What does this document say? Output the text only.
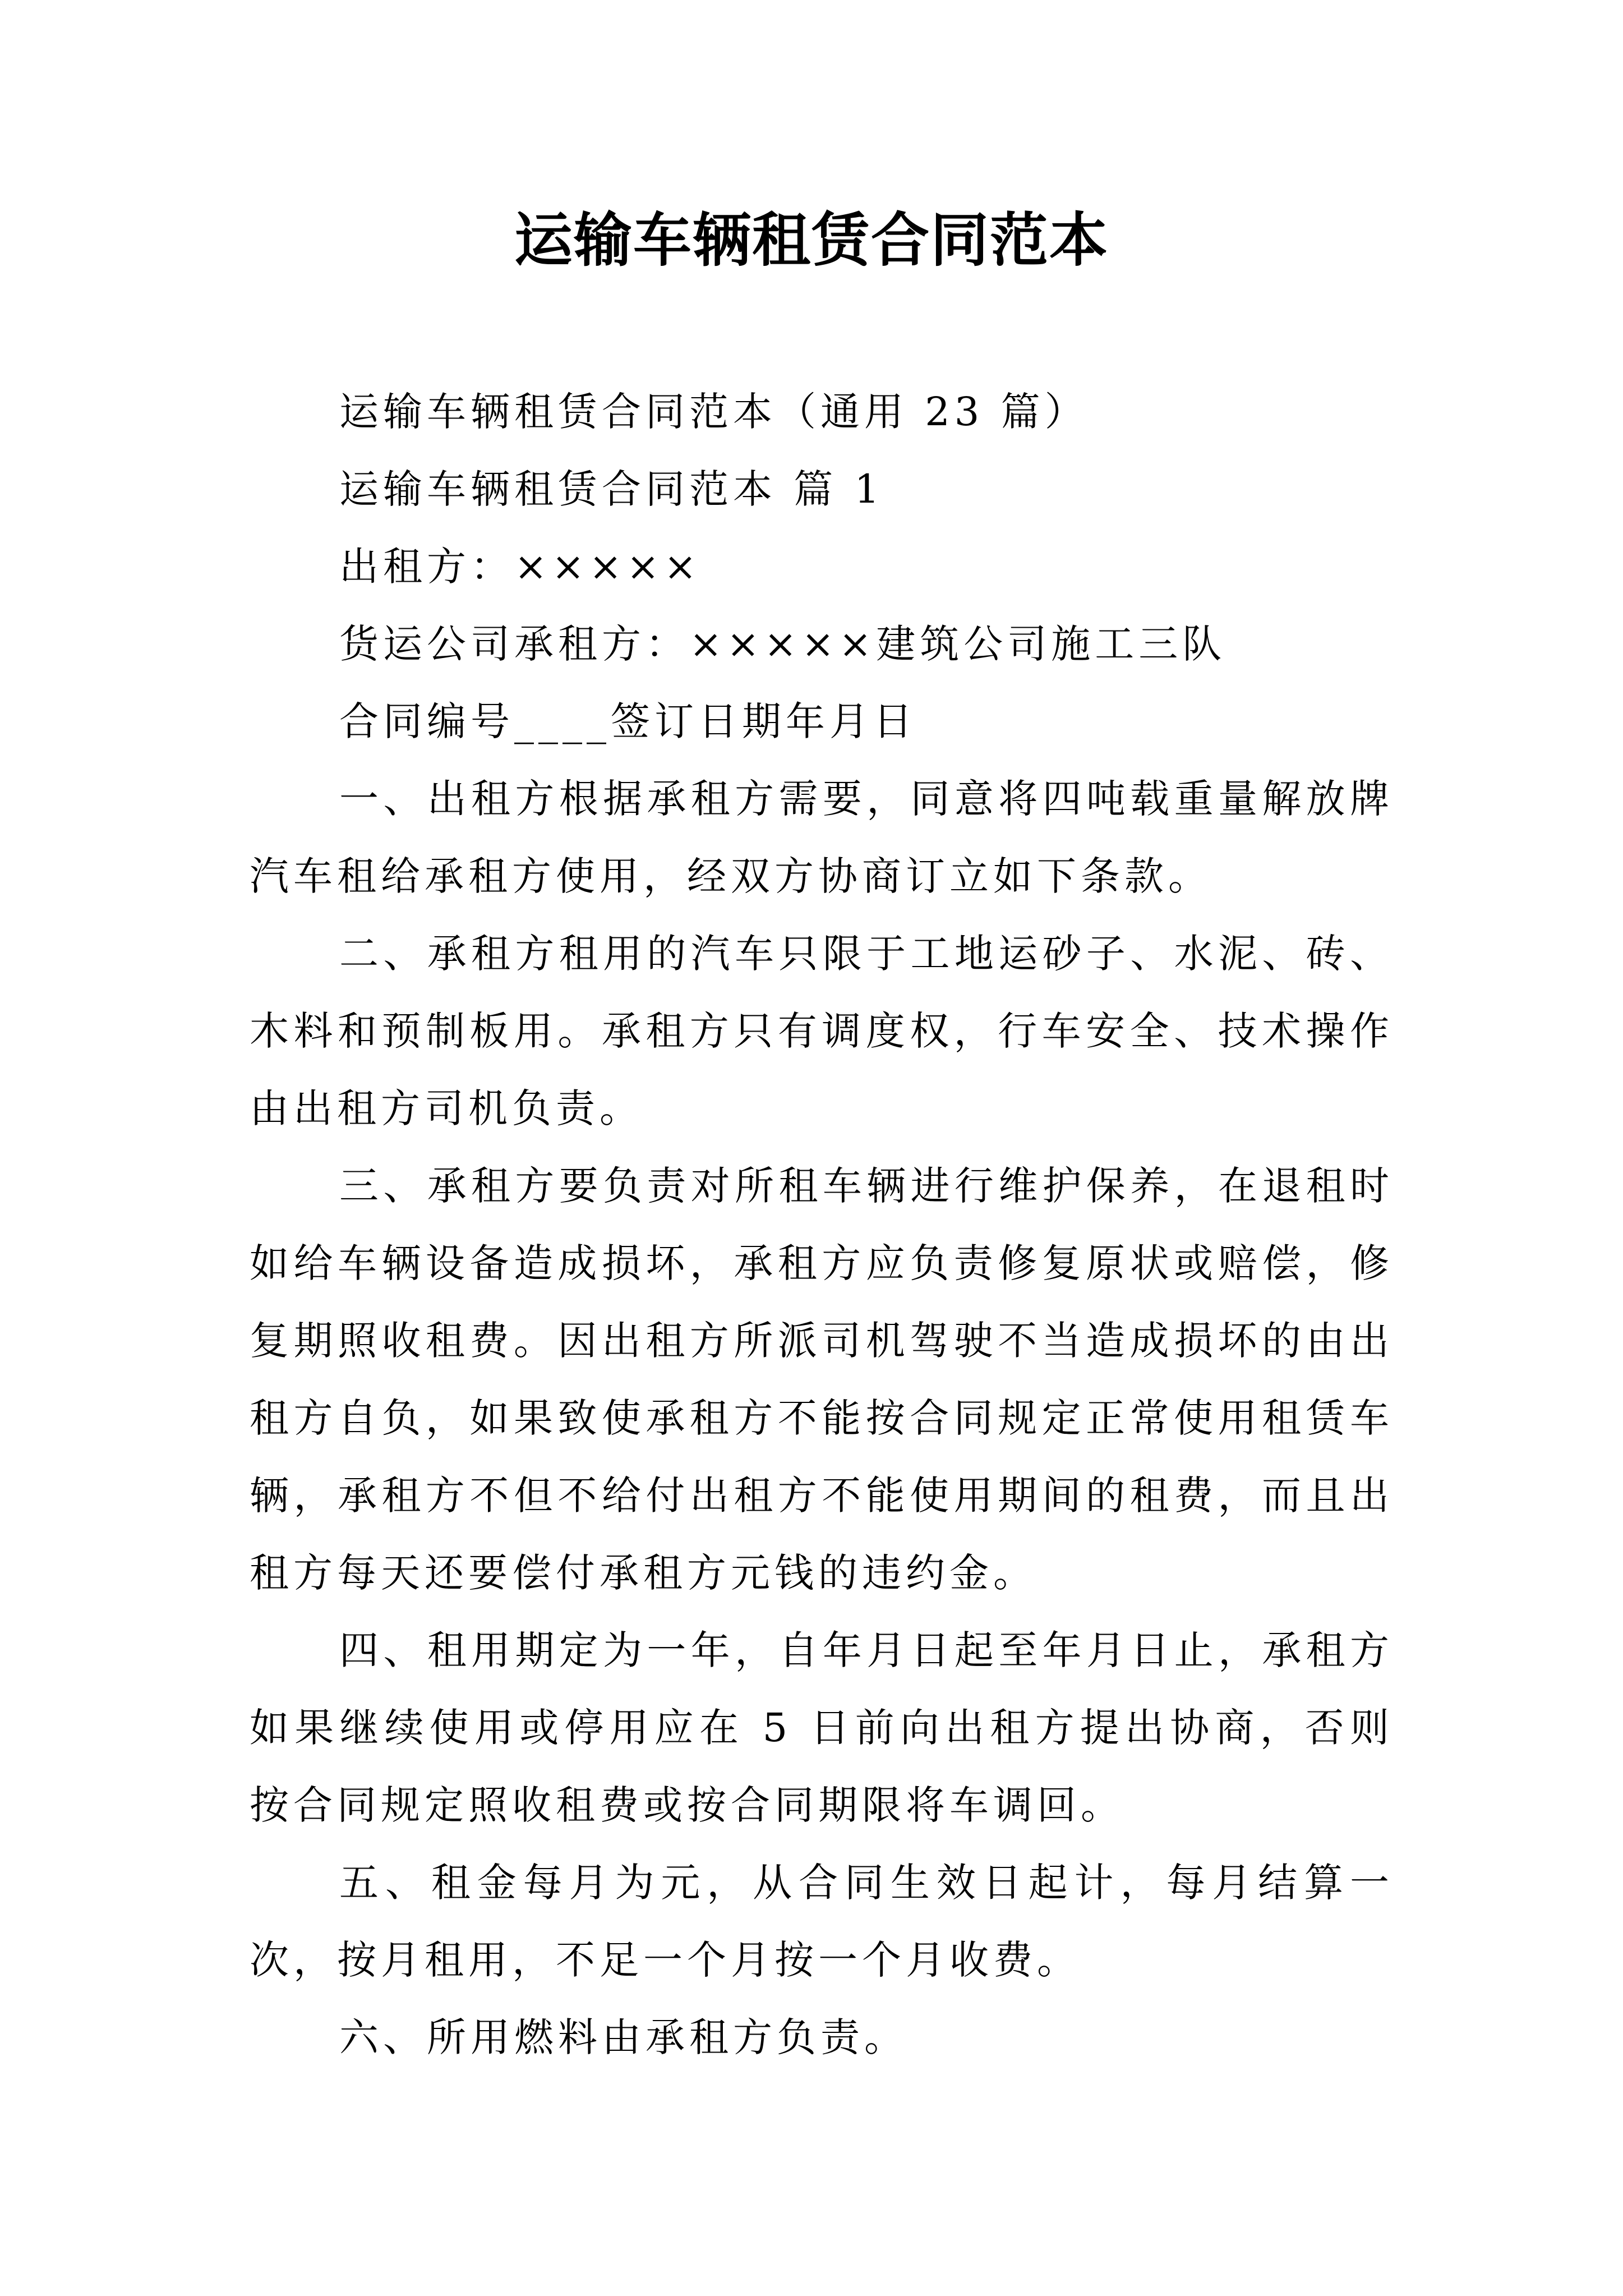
运输车辆租赁合同范本

运输车辆租赁合同范本（通用 23 篇）

运输车辆租赁合同范本 篇 1

出租方：×××××

货运公司承租方：×××××建筑公司施工三队

合同编号____签订日期年月日

一、出租方根据承租方需要，同意将四吨载重量解放牌汽车租给承租方使用，经双方协商订立如下条款。

二、承租方租用的汽车只限于工地运砂子、水泥、砖、木料和预制板用。承租方只有调度权，行车安全、技术操作由出租方司机负责。

三、承租方要负责对所租车辆进行维护保养，在退租时如给车辆设备造成损坏，承租方应负责修复原状或赔偿，修复期照收租费。因出租方所派司机驾驶不当造成损坏的由出租方自负，如果致使承租方不能按合同规定正常使用租赁车辆，承租方不但不给付出租方不能使用期间的租费，而且出租方每天还要偿付承租方元钱的违约金。

四、租用期定为一年，自年月日起至年月日止，承租方如果继续使用或停用应在 5 日前向出租方提出协商，否则按合同规定照收租费或按合同期限将车调回。

五、租金每月为元，从合同生效日起计，每月结算一次，按月租用，不足一个月按一个月收费。

六、所用燃料由承租方负责。
